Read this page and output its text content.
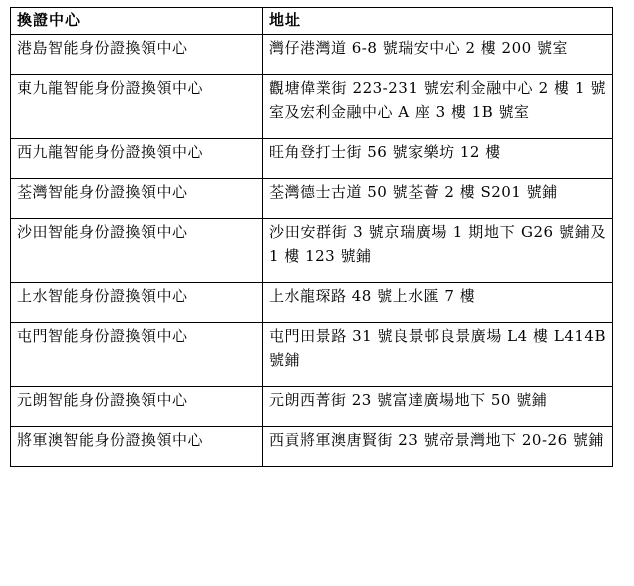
換證中心	地址
港島智能身份證換領中心	灣仔港灣道 6-8 號瑞安中心 2 樓 200 號室
東九龍智能身份證換領中心	觀塘偉業街 223-231 號宏利金融中心 2 樓 1 號室及宏利金融中心 A 座 3 樓 1B 號室
西九龍智能身份證換領中心	旺角登打士街 56 號家樂坊 12 樓
荃灣智能身份證換領中心	荃灣德士古道 50 號荃薈 2 樓 S201 號鋪
沙田智能身份證換領中心	沙田安群街 3 號京瑞廣場 1 期地下 G26 號鋪及 1 樓 123 號鋪
上水智能身份證換領中心	上水龍琛路 48 號上水匯 7 樓
屯門智能身份證換領中心	屯門田景路 31 號良景邨良景廣場 L4 樓 L414B 號鋪
元朗智能身份證換領中心	元朗西菁街 23 號富達廣場地下 50 號鋪
將軍澳智能身份證換領中心	西貢將軍澳唐賢街 23 號帝景灣地下 20-26 號鋪
